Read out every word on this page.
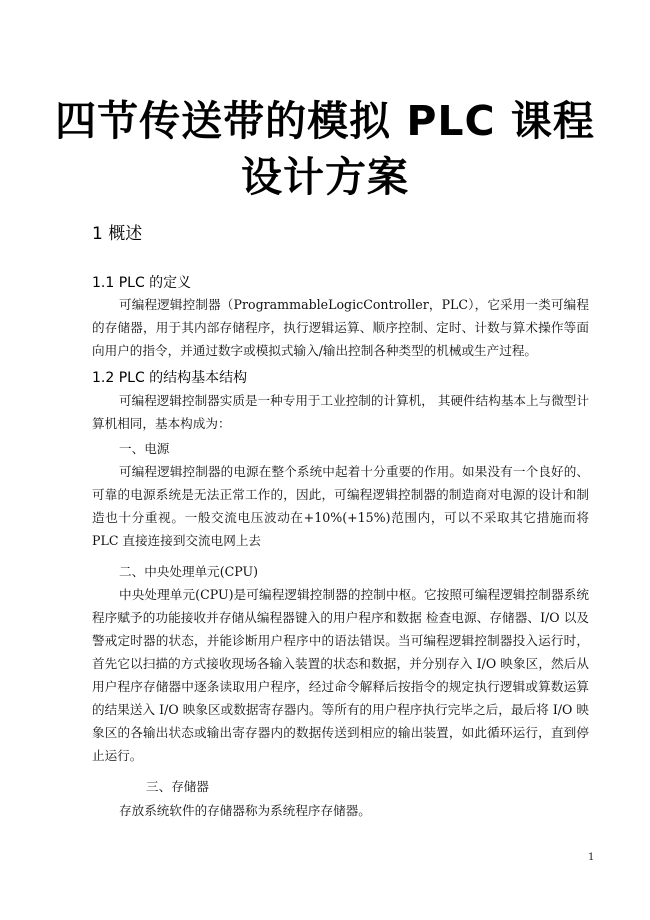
四节传送带的模拟 PLC 课程
设计方案
1 概述
1.1 PLC 的定义
可编程逻辑控制器（ProgrammableLogicController，PLC），它采用一类可编程的存储器，用于其内部存储程序，执行逻辑运算、顺序控制、定时、计数与算术操作等面向用户的指令，并通过数字或模拟式输入/输出控制各种类型的机械或生产过程。
1.2 PLC 的结构基本结构
可编程逻辑控制器实质是一种专用于工业控制的计算机， 其硬件结构基本上与微型计算机相同，基本构成为：
一、电源
可编程逻辑控制器的电源在整个系统中起着十分重要的作用。如果没有一个良好的、可靠的电源系统是无法正常工作的，因此，可编程逻辑控制器的制造商对电源的设计和制造也十分重视。一般交流电压波动在+10%(+15%)范围内，可以不采取其它措施而将 PLC 直接连接到交流电网上去
二、中央处理单元(CPU)
中央处理单元(CPU)是可编程逻辑控制器的控制中枢。它按照可编程逻辑控制器系统程序赋予的功能接收并存储从编程器键入的用户程序和数据 检查电源、存储器、I/O 以及警戒定时器的状态，并能诊断用户程序中的语法错误。当可编程逻辑控制器投入运行时，首先它以扫描的方式接收现场各输入装置的状态和数据，并分别存入 I/O 映象区，然后从用户程序存储器中逐条读取用户程序，经过命令解释后按指令的规定执行逻辑或算数运算的结果送入 I/O 映象区或数据寄存器内。等所有的用户程序执行完毕之后，最后将 I/O 映象区的各输出状态或输出寄存器内的数据传送到相应的输出装置，如此循环运行，直到停止运行。
三、存储器
存放系统软件的存储器称为系统程序存储器。
1
